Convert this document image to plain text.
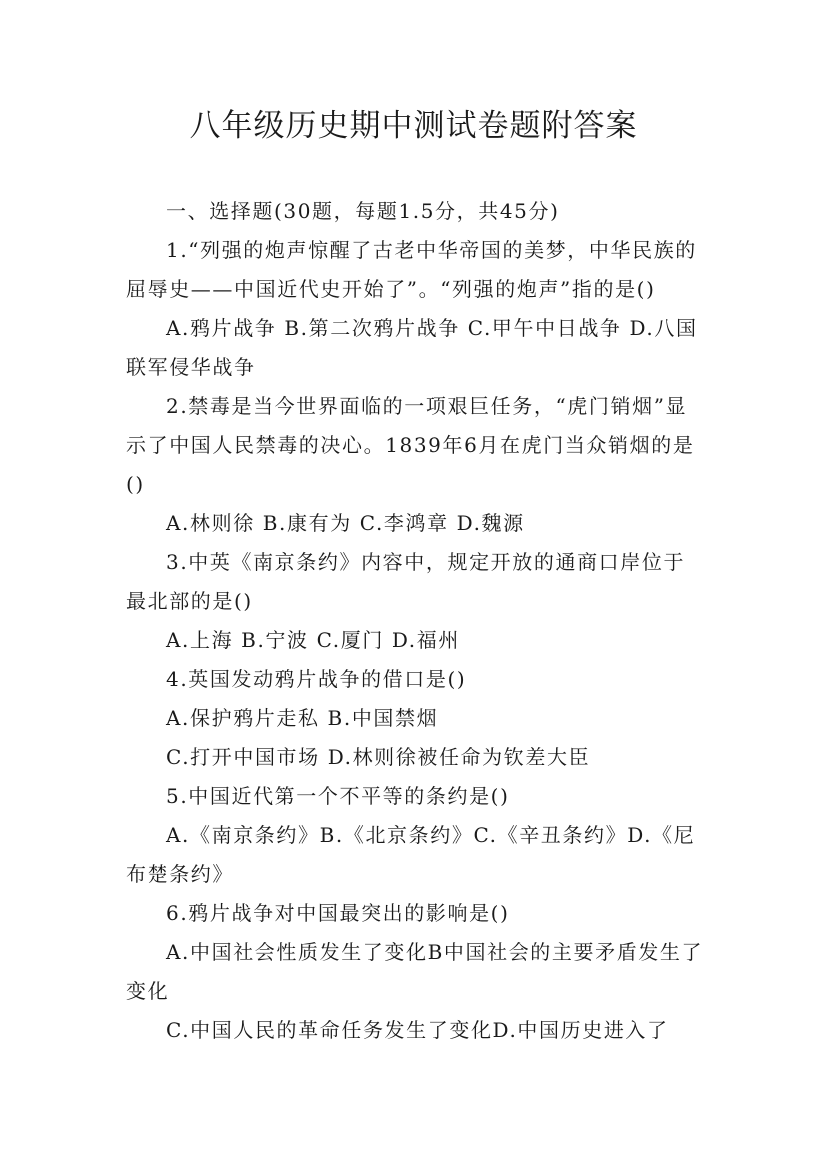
八年级历史期中测试卷题附答案

一、选择题(30题，每题1.5分，共45分)

1.“列强的炮声惊醒了古老中华帝国的美梦，中华民族的屈辱史——中国近代史开始了”。“列强的炮声”指的是()

A.鸦片战争 B.第二次鸦片战争 C.甲午中日战争 D.八国联军侵华战争

2.禁毒是当今世界面临的一项艰巨任务，“虎门销烟”显示了中国人民禁毒的决心。1839年6月在虎门当众销烟的是()

A.林则徐 B.康有为 C.李鸿章 D.魏源

3.中英《南京条约》内容中，规定开放的通商口岸位于最北部的是()

A.上海 B.宁波 C.厦门 D.福州

4.英国发动鸦片战争的借口是()

A.保护鸦片走私 B.中国禁烟

C.打开中国市场 D.林则徐被任命为钦差大臣

5.中国近代第一个不平等的条约是()

A.《南京条约》B.《北京条约》C.《辛丑条约》D.《尼布楚条约》

6.鸦片战争对中国最突出的影响是()

A.中国社会性质发生了变化B中国社会的主要矛盾发生了变化

C.中国人民的革命任务发生了变化D.中国历史进入了
